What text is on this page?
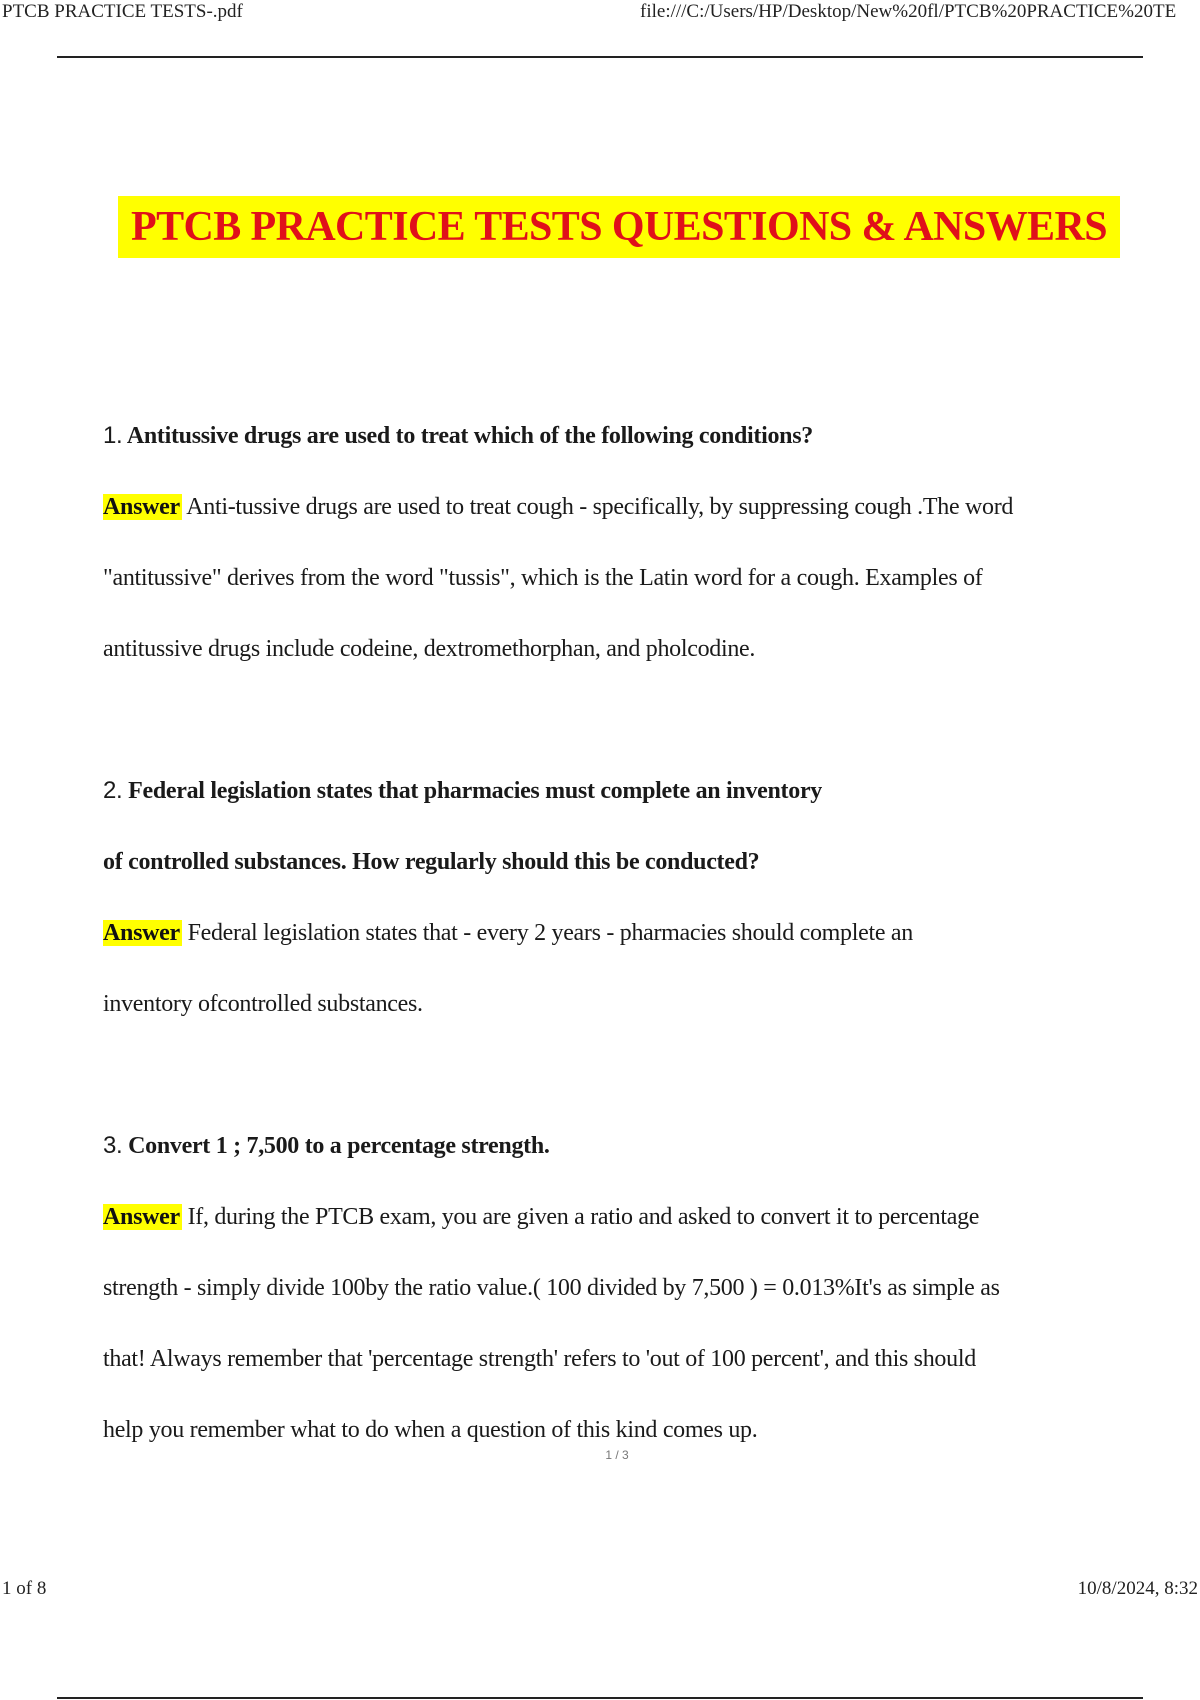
PTCB PRACTICE TESTS-.pdf	file:///C:/Users/HP/Desktop/New%20fl/PTCB%20PRACTICE%20TE
PTCB PRACTICE TESTS QUESTIONS & ANSWERS

1. Antitussive drugs are used to treat which of the following conditions?

Answer Anti-tussive drugs are used to treat cough - specifically, by suppressing cough .The word

"antitussive" derives from the word "tussis", which is the Latin word for a cough. Examples of

antitussive drugs include codeine, dextromethorphan, and pholcodine.

2. Federal legislation states that pharmacies must complete an inventory

of controlled substances. How regularly should this be conducted?

Answer Federal legislation states that - every 2 years - pharmacies should complete an

inventory ofcontrolled substances.

3. Convert 1 ; 7,500 to a percentage strength.

Answer If, during the PTCB exam, you are given a ratio and asked to convert it to percentage

strength - simply divide 100by the ratio value.( 100 divided by 7,500 ) = 0.013%It's as simple as

that! Always remember that 'percentage strength' refers to 'out of 100 percent', and this should

help you remember what to do when a question of this kind comes up.

1 / 3
1 of 8	10/8/2024, 8:32
